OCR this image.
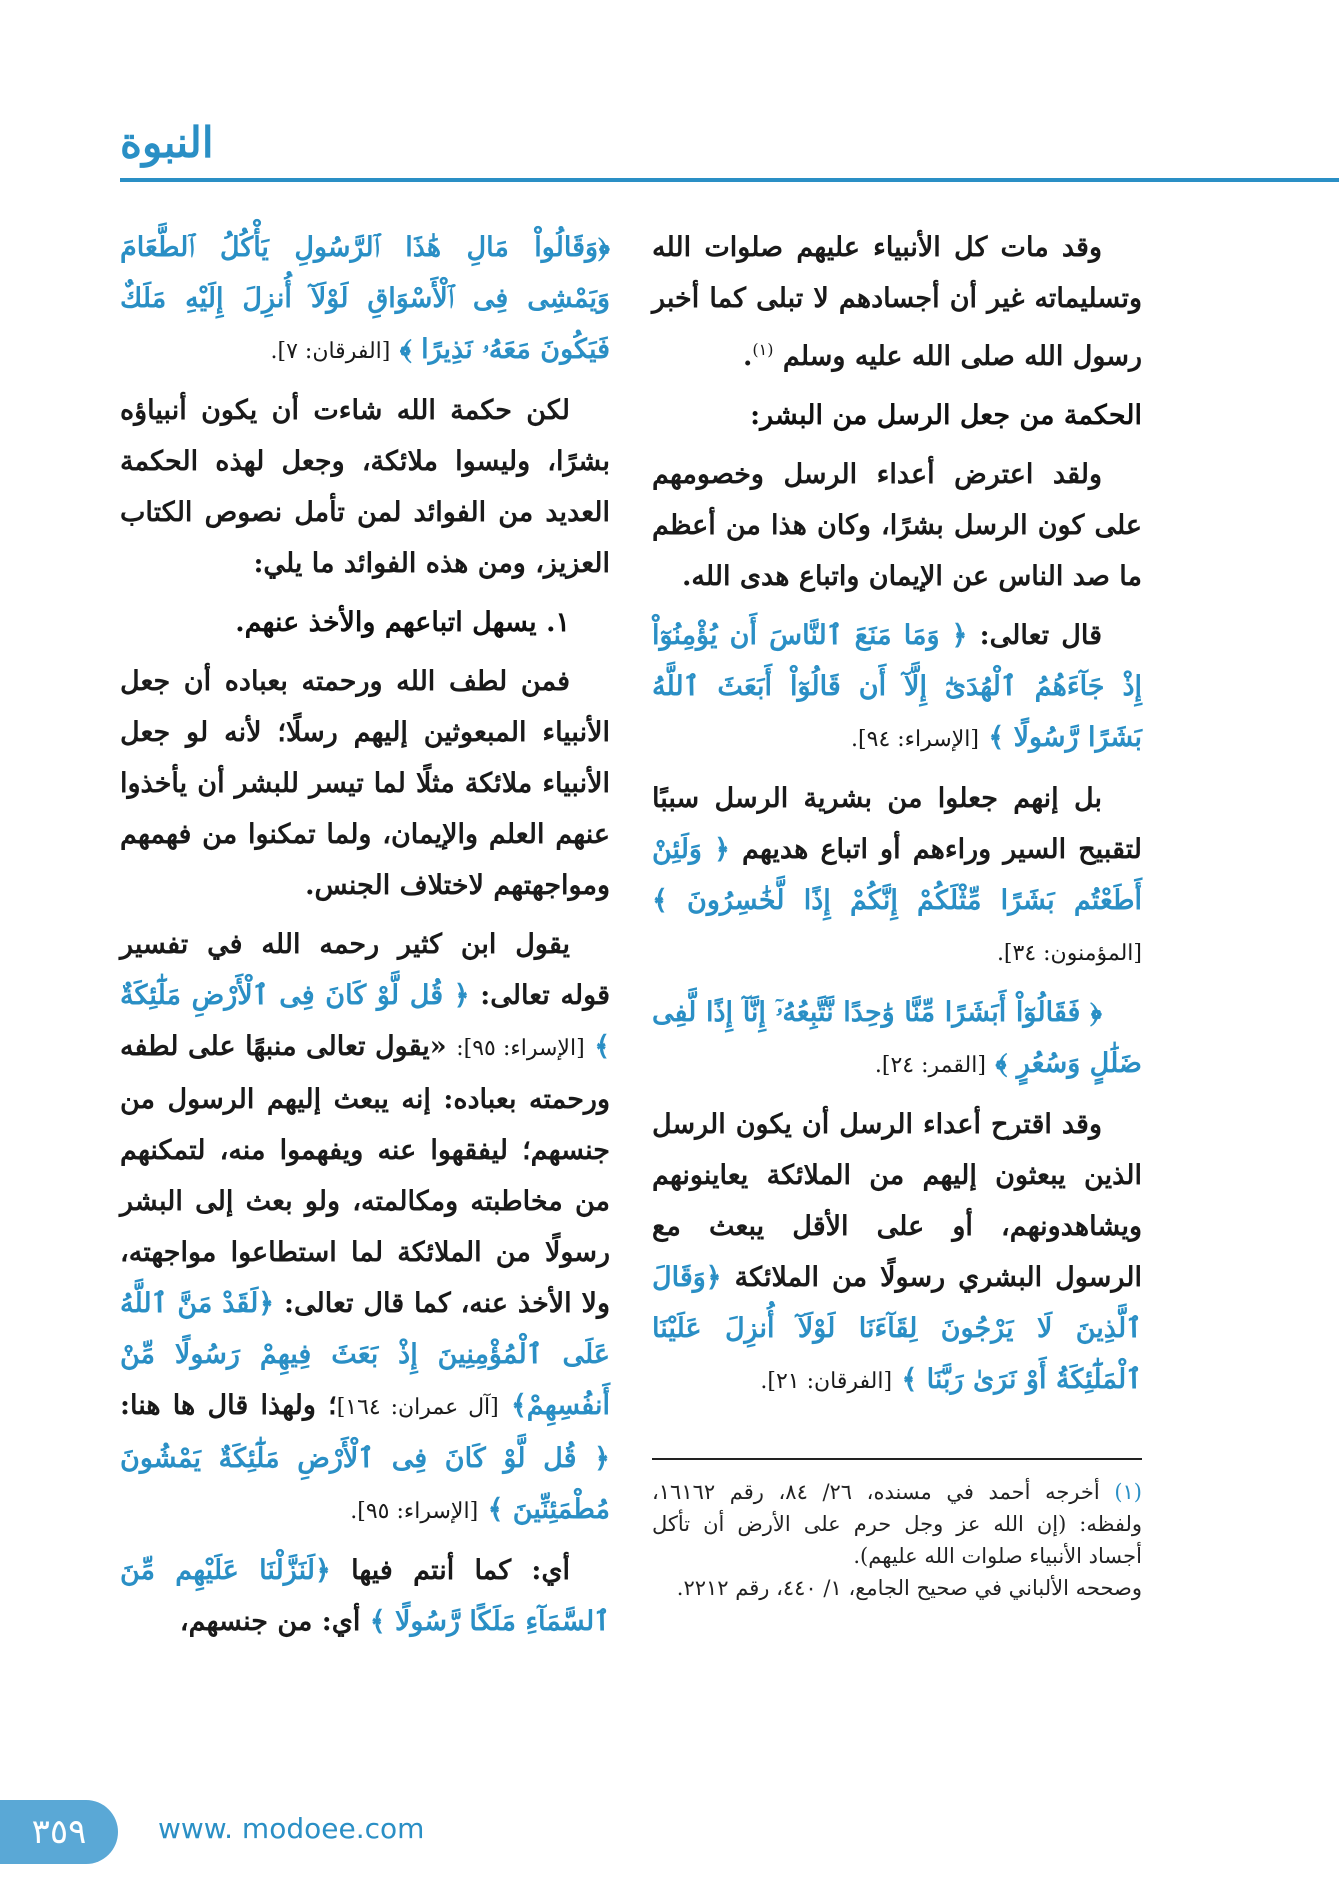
النبوة

وقد مات كل الأنبياء عليهم صلوات الله وتسليماته غير أن أجسادهم لا تبلى كما أخبر رسول الله صلى الله عليه وسلم $^{(١)}$.

الحكمة من جعل الرسل من البشر:

ولقد اعترض أعداء الرسل وخصومهم على كون الرسل بشرًا، وكان هذا من أعظم ما صد الناس عن الإيمان واتباع هدى الله.

قال تعالى: ﴿ وَمَا مَنَعَ ٱلنَّاسَ أَن يُؤْمِنُوٓاْ إِذْ جَآءَهُمُ ٱلْهُدَىٰٓ إِلَّآ أَن قَالُوٓاْ أَبَعَثَ ٱللَّهُ بَشَرًا رَّسُولًا ﴾ [الإسراء: ٩٤].

بل إنهم جعلوا من بشرية الرسل سببًا لتقبيح السير وراءهم أو اتباع هديهم ﴿ وَلَئِنْ أَطَعْتُم بَشَرًا مِّثْلَكُمْ إِنَّكُمْ إِذًا لَّخَٰسِرُونَ ﴾ [المؤمنون: ٣٤].

﴿ فَقَالُوٓاْ أَبَشَرًا مِّنَّا وَٰحِدًا نَّتَّبِعُهُۥٓ إِنَّآ إِذًا لَّفِى ضَلَٰلٍ وَسُعُرٍ ﴾ [القمر: ٢٤].

وقد اقترح أعداء الرسل أن يكون الرسل الذين يبعثون إليهم من الملائكة يعاينونهم ويشاهدونهم، أو على الأقل يبعث مع الرسول البشري رسولًا من الملائكة ﴿وَقَالَ ٱلَّذِينَ لَا يَرْجُونَ لِقَآءَنَا لَوْلَآ أُنزِلَ عَلَيْنَا ٱلْمَلَٰٓئِكَةُ أَوْ نَرَىٰ رَبَّنَا ﴾ [الفرقان: ٢١].

(١) أخرجه أحمد في مسنده، ٢٦/ ٨٤، رقم ١٦١٦٢، ولفظه: (إن الله عز وجل حرم على الأرض أن تأكل أجساد الأنبياء صلوات الله عليهم).

وصححه الألباني في صحيح الجامع، ١/ ٤٤٠، رقم ٢٢١٢.

﴿وَقَالُواْ مَالِ هَٰذَا ٱلرَّسُولِ يَأْكُلُ ٱلطَّعَامَ وَيَمْشِى فِى ٱلْأَسْوَاقِ لَوْلَآ أُنزِلَ إِلَيْهِ مَلَكٌ فَيَكُونَ مَعَهُۥ نَذِيرًا ﴾ [الفرقان: ٧].

لكن حكمة الله شاءت أن يكون أنبياؤه بشرًا، وليسوا ملائكة، وجعل لهذه الحكمة العديد من الفوائد لمن تأمل نصوص الكتاب العزيز، ومن هذه الفوائد ما يلي:

١. يسهل اتباعهم والأخذ عنهم.

فمن لطف الله ورحمته بعباده أن جعل الأنبياء المبعوثين إليهم رسلًا؛ لأنه لو جعل الأنبياء ملائكة مثلًا لما تيسر للبشر أن يأخذوا عنهم العلم والإيمان، ولما تمكنوا من فهمهم ومواجهتهم لاختلاف الجنس.

يقول ابن كثير رحمه الله في تفسير قوله تعالى: ﴿ قُل لَّوْ كَانَ فِى ٱلْأَرْضِ مَلَٰٓئِكَةٌ ﴾ [الإسراء: ٩٥]: «يقول تعالى منبهًا على لطفه ورحمته بعباده: إنه يبعث إليهم الرسول من جنسهم؛ ليفقهوا عنه ويفهموا منه، لتمكنهم من مخاطبته ومكالمته، ولو بعث إلى البشر رسولًا من الملائكة لما استطاعوا مواجهته، ولا الأخذ عنه، كما قال تعالى: ﴿لَقَدْ مَنَّ ٱللَّهُ عَلَى ٱلْمُؤْمِنِينَ إِذْ بَعَثَ فِيهِمْ رَسُولًا مِّنْ أَنفُسِهِمْ﴾ [آل عمران: ١٦٤]؛ ولهذا قال ها هنا: ﴿ قُل لَّوْ كَانَ فِى ٱلْأَرْضِ مَلَٰٓئِكَةٌ يَمْشُونَ مُطْمَئِنِّينَ ﴾ [الإسراء: ٩٥].

أي: كما أنتم فيها ﴿لَنَزَّلْنَا عَلَيْهِم مِّنَ ٱلسَّمَآءِ مَلَكًا رَّسُولًا ﴾ أي: من جنسهم،

٣٥٩	www. modoee.com
